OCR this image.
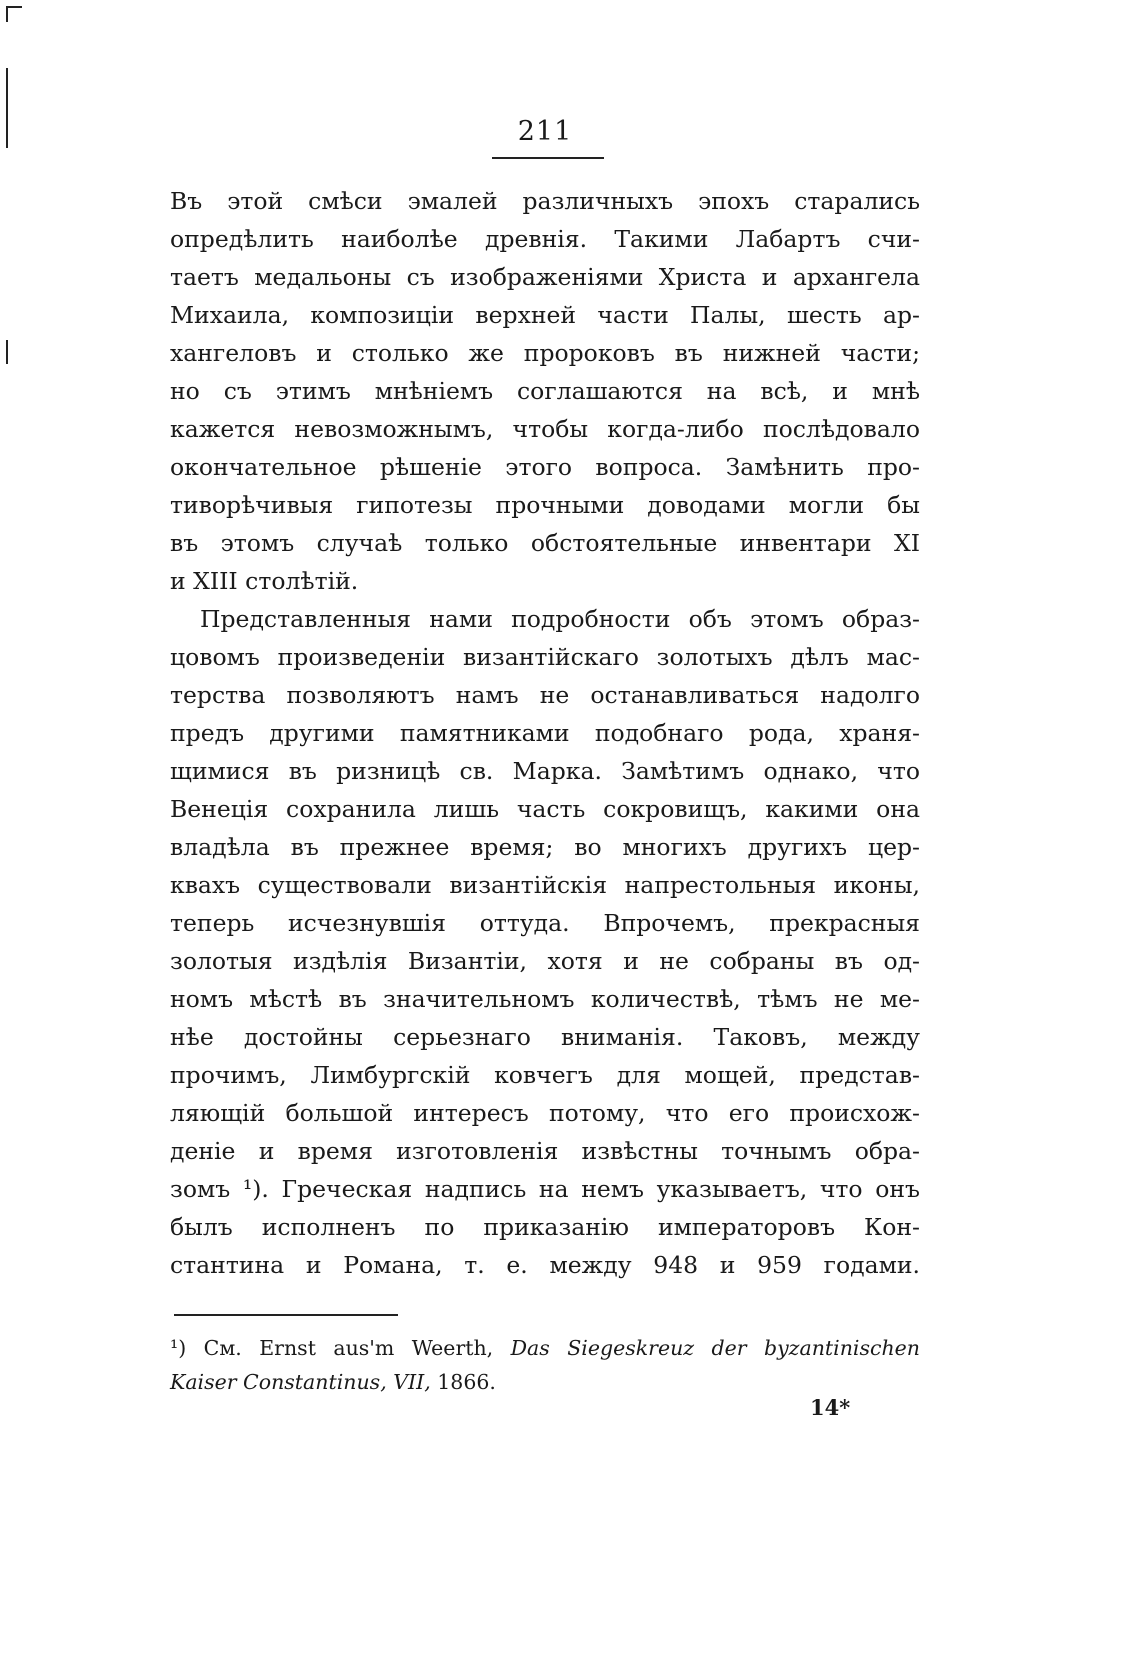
211
Въ этой смѣси эмалей различныхъ эпохъ старались
опредѣлить наиболѣе древнія. Такими Лабартъ счи-
таетъ медальоны съ изображеніями Христа и архангела
Михаила, композиціи верхней части Палы, шесть ар-
хангеловъ и столько же пророковъ въ нижней части;
но съ этимъ мнѣніемъ соглашаются на всѣ, и мнѣ
кажется невозможнымъ, чтобы когда-либо послѣдовало
окончательное рѣшеніе этого вопроса. Замѣнить про-
тиворѣчивыя гипотезы прочными доводами могли бы
въ этомъ случаѣ только обстоятельные инвентари XI
и XIII столѣтій.
Представленныя нами подробности объ этомъ образ-
цовомъ произведеніи византійскаго золотыхъ дѣлъ мас-
терства позволяютъ намъ не останавливаться надолго
предъ другими памятниками подобнаго рода, храня-
щимися въ ризницѣ св. Марка. Замѣтимъ однако, что
Венеція сохранила лишь часть сокровищъ, какими она
владѣла въ прежнее время; во многихъ другихъ цер-
квахъ существовали византійскія напрестольныя иконы,
теперь исчезнувшія оттуда. Впрочемъ, прекрасныя
золотыя издѣлія Византіи, хотя и не собраны въ од-
номъ мѣстѣ въ значительномъ количествѣ, тѣмъ не ме-
нѣе достойны серьезнаго вниманія. Таковъ, между
прочимъ, Лимбургскій ковчегъ для мощей, представ-
ляющій большой интересъ потому, что его происхож-
деніе и время изготовленія извѣстны точнымъ обра-
зомъ ¹). Греческая надпись на немъ указываетъ, что онъ
былъ исполненъ по приказанію императоровъ Кон-
стантина и Романа, т. е. между 948 и 959 годами.
¹) См. Ernst aus'm Weerth, Das Siegeskreuz der byzantinischen
Kaiser Constantinus, VII, 1866.
14*
